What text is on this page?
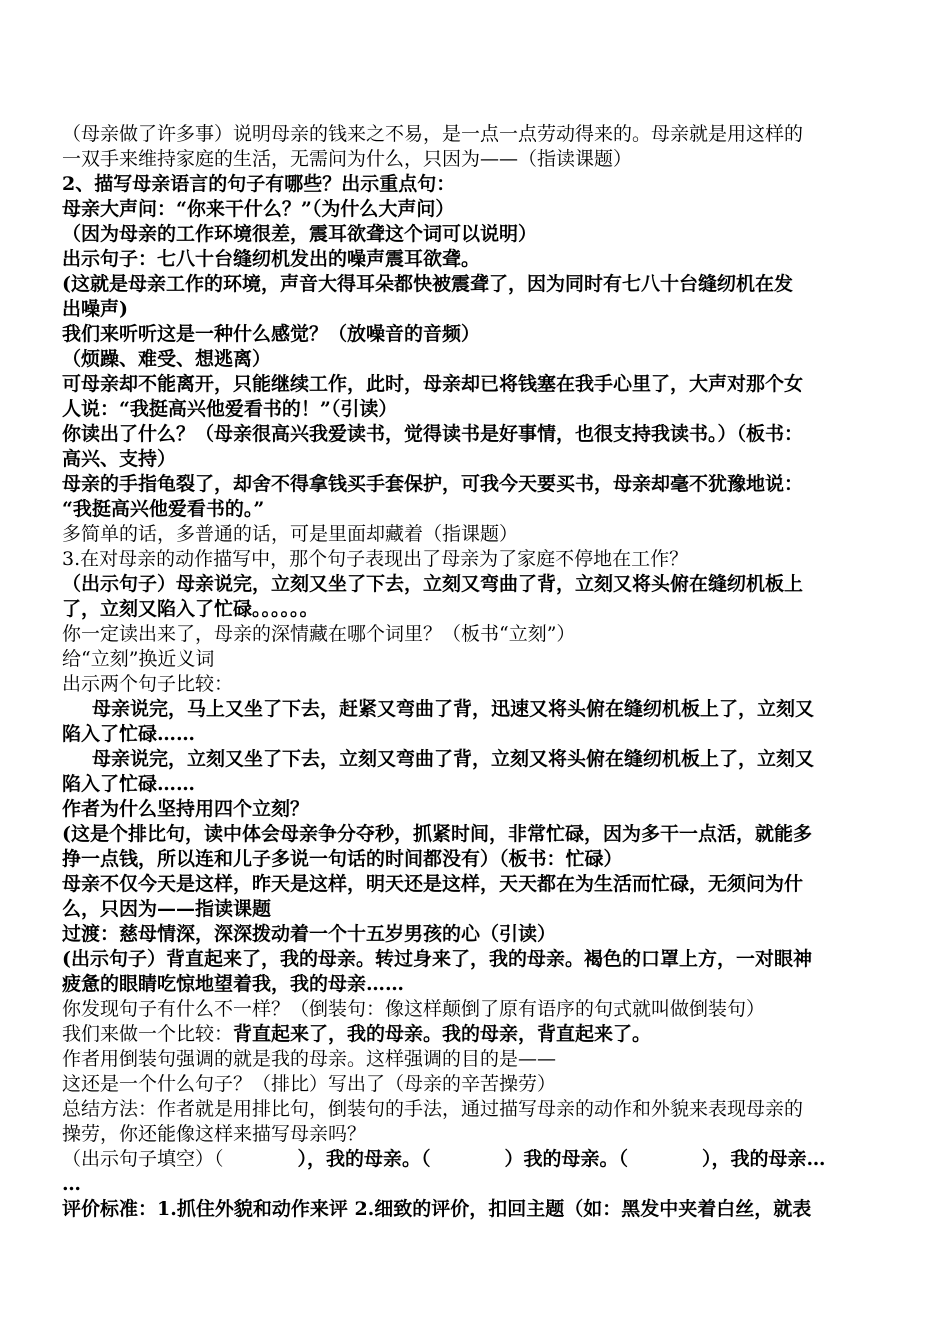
（母亲做了许多事）说明母亲的钱来之不易，是一点一点劳动得来的。母亲就是用这样的
一双手来维持家庭的生活，无需问为什么，只因为——（指读课题）
2、描写母亲语言的句子有哪些？出示重点句：
母亲大声问：“你来干什么？”（为什么大声问）
（因为母亲的工作环境很差，震耳欲聋这个词可以说明）
出示句子：七八十台缝纫机发出的噪声震耳欲聋。
(这就是母亲工作的环境，声音大得耳朵都快被震聋了，因为同时有七八十台缝纫机在发
出噪声)
我们来听听这是一种什么感觉？（放噪音的音频）
（烦躁、难受、想逃离）
可母亲却不能离开，只能继续工作，此时，母亲却已将钱塞在我手心里了，大声对那个女
人说：“我挺高兴他爱看书的！”（引读）
你读出了什么？（母亲很高兴我爱读书，觉得读书是好事情，也很支持我读书。）（板书：
高兴、支持）
母亲的手指龟裂了，却舍不得拿钱买手套保护，可我今天要买书，母亲却毫不犹豫地说：
“我挺高兴他爱看书的。”
多简单的话，多普通的话，可是里面却藏着（指课题）
3.在对母亲的动作描写中，那个句子表现出了母亲为了家庭不停地在工作？
（出示句子）母亲说完，立刻又坐了下去，立刻又弯曲了背，立刻又将头俯在缝纫机板上
了，立刻又陷入了忙碌。。。。。。
你一定读出来了，母亲的深情藏在哪个词里？（板书“立刻”）
给“立刻”换近义词
出示两个句子比较：
母亲说完，马上又坐了下去，赶紧又弯曲了背，迅速又将头俯在缝纫机板上了，立刻又
陷入了忙碌……
母亲说完，立刻又坐了下去，立刻又弯曲了背，立刻又将头俯在缝纫机板上了，立刻又
陷入了忙碌……
作者为什么坚持用四个立刻？
(这是个排比句，读中体会母亲争分夺秒，抓紧时间，非常忙碌，因为多干一点活，就能多
挣一点钱，所以连和儿子多说一句话的时间都没有）（板书：忙碌）
母亲不仅今天是这样，昨天是这样，明天还是这样，天天都在为生活而忙碌，无须问为什
么，只因为——指读课题
过渡：慈母情深，深深拨动着一个十五岁男孩的心（引读）
(出示句子）背直起来了，我的母亲。转过身来了，我的母亲。褐色的口罩上方，一对眼神
疲惫的眼睛吃惊地望着我，我的母亲……
你发现句子有什么不一样？（倒装句：像这样颠倒了原有语序的句式就叫做倒装句）
我们来做一个比较：背直起来了，我的母亲。我的母亲，背直起来了。
作者用倒装句强调的就是我的母亲。这样强调的目的是——
这还是一个什么句子？（排比）写出了（母亲的辛苦操劳）
总结方法：作者就是用排比句，倒装句的手法，通过描写母亲的动作和外貌来表现母亲的
操劳，你还能像这样来描写母亲吗？
（出示句子填空）（	），我的母亲。（	）我的母亲。（	），我的母亲…
…
评价标准：1.抓住外貌和动作来评 2.细致的评价，扣回主题（如：黑发中夹着白丝，就表
